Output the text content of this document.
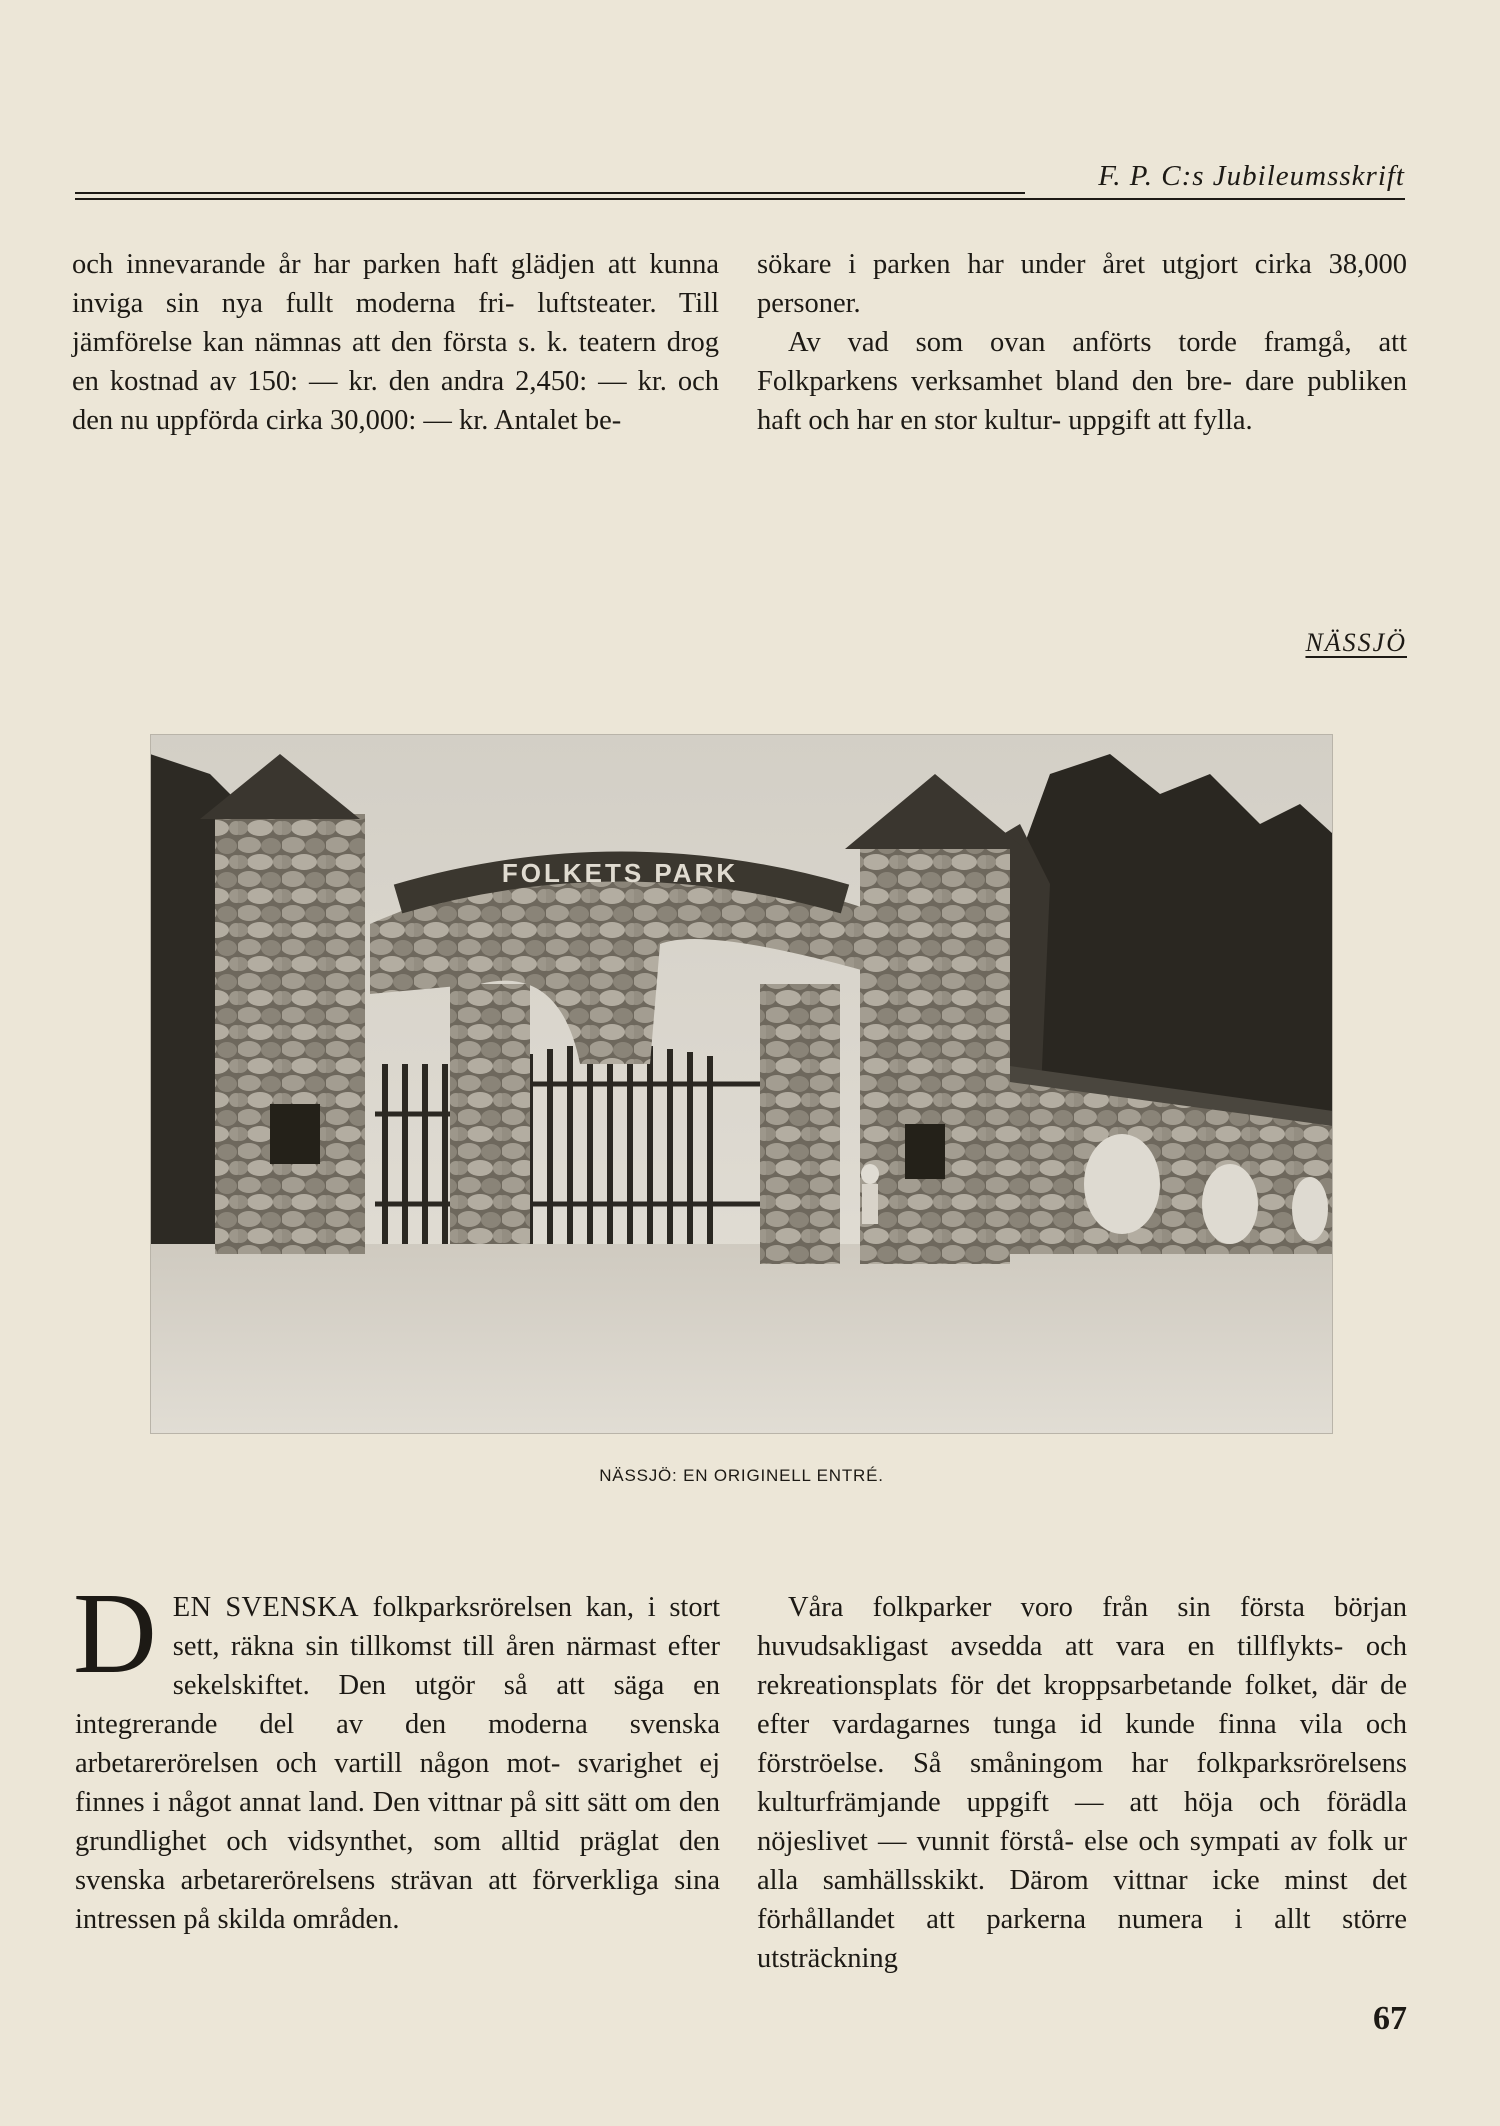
F. P. C:s Jubileumsskrift

och innevarande år har parken haft glädjen att kunna inviga sin nya fullt moderna fri- luftsteater. Till jämförelse kan nämnas att den första s. k. teatern drog en kostnad av 150: — kr. den andra 2,450: — kr. och den nu uppförda cirka 30,000: — kr. Antalet be-

sökare i parken har under året utgjort cirka 38,000 personer.

Av vad som ovan anförts torde framgå, att Folkparkens verksamhet bland den bre- dare publiken haft och har en stor kultur- uppgift att fylla.

NÄSSJÖ
FOLKETS PARK
NÄSSJÖ: EN ORIGINELL ENTRÉ.

DEN SVENSKA folkparksrörelsen kan, i stort sett, räkna sin tillkomst till åren närmast efter sekelskiftet. Den utgör så att säga en integrerande del av den moderna svenska arbetarerörelsen och vartill någon mot- svarighet ej finnes i något annat land. Den vittnar på sitt sätt om den grundlighet och vidsynthet, som alltid präglat den svenska arbetarerörelsens strävan att förverkliga sina intressen på skilda områden.

Våra folkparker voro från sin första början huvudsakligast avsedda att vara en tillflykts- och rekreationsplats för det kroppsarbetande folket, där de efter vardagarnes tunga id kunde finna vila och förströelse. Så småningom har folkparksrörelsens kulturfrämjande uppgift — att höja och förädla nöjeslivet — vunnit förstå- else och sympati av folk ur alla samhällsskikt. Därom vittnar icke minst det förhållandet att parkerna numera i allt större utsträckning

67
